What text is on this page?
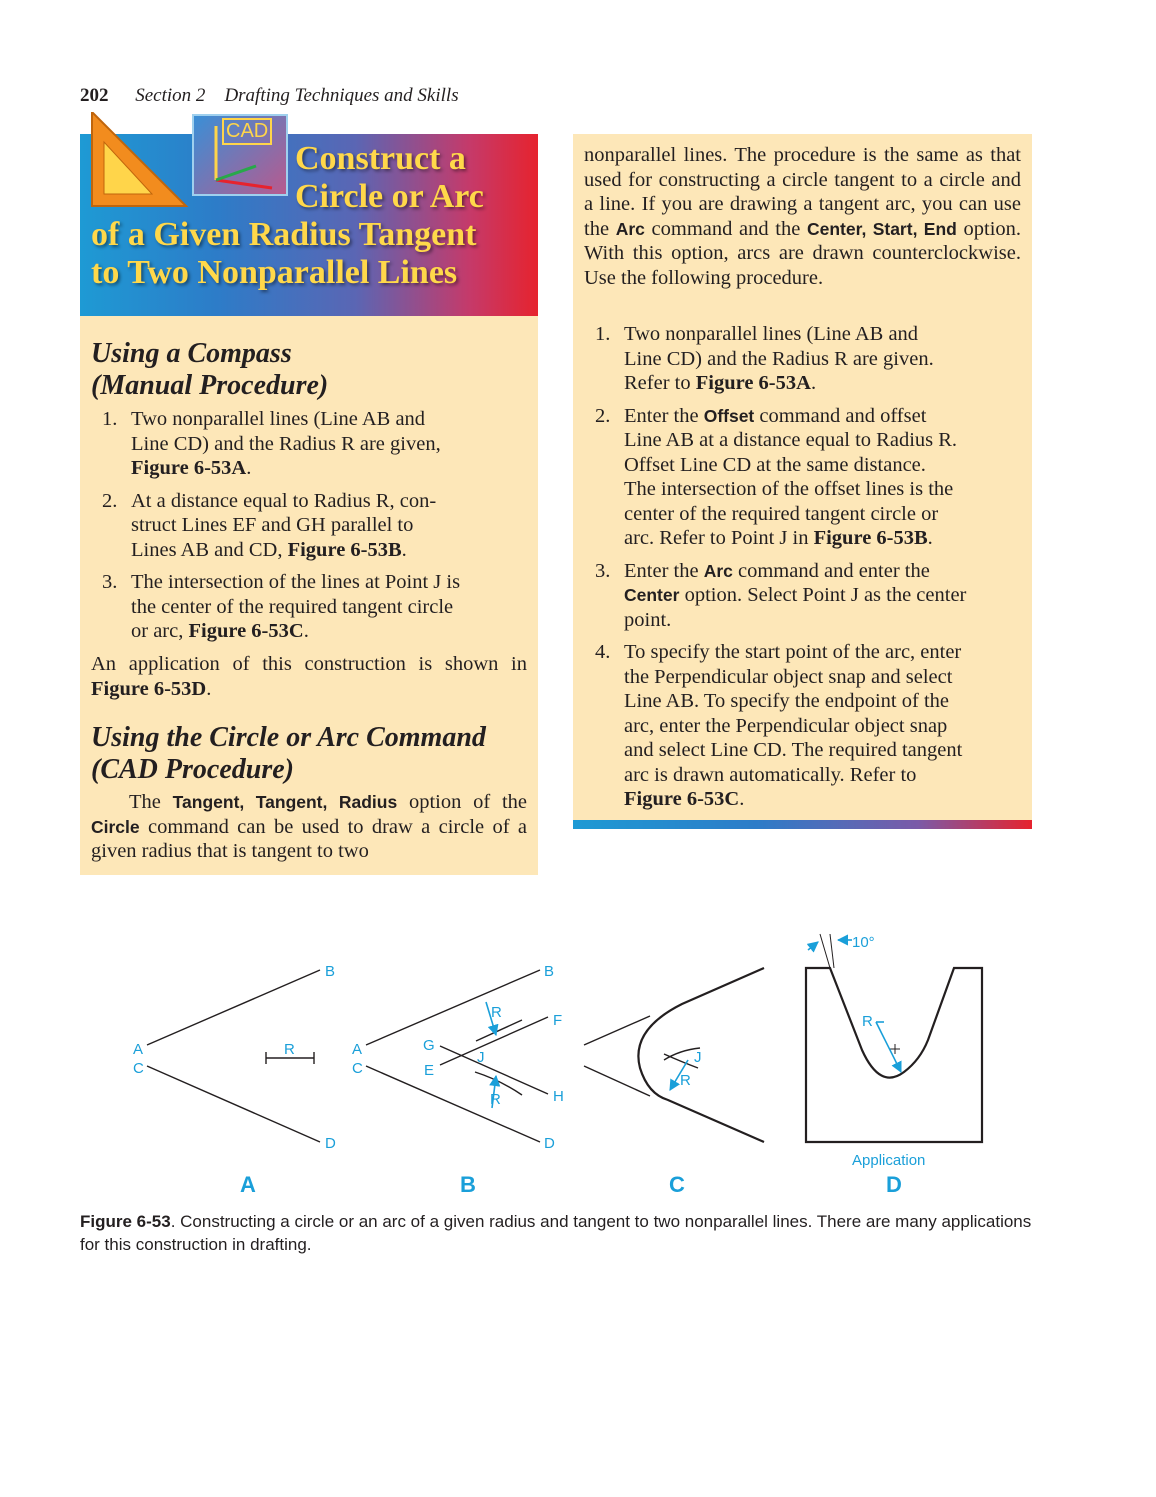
202 Section 2 Drafting Techniques and Skills
CAD
Construct a
Circle or Arc
of a Given Radius Tangent
to Two Nonparallel Lines
Using a Compass
(Manual Procedure)
1. Two nonparallel lines (Line AB and
Line CD) and the Radius R are given,
Figure 6-53A.
2. At a distance equal to Radius R, con-
struct Lines EF and GH parallel to
Lines AB and CD, Figure 6-53B.
3. The intersection of the lines at Point J is
the center of the required tangent circle
or arc, Figure 6-53C.
An application of this construction is shown in Figure 6-53D.
Using the Circle or Arc Command
(CAD Procedure)
The Tangent, Tangent, Radius option of the Circle command can be used to draw a circle of a given radius that is tangent to two
nonparallel lines. The procedure is the same as that used for constructing a circle tangent to a circle and a line. If you are drawing a tangent arc, you can use the Arc command and the Center, Start, End option. With this option, arcs are drawn counterclockwise. Use the following procedure.
1. Two nonparallel lines (Line AB and
Line CD) and the Radius R are given.
Refer to Figure 6-53A.
2. Enter the Offset command and offset
Line AB at a distance equal to Radius R.
Offset Line CD at the same distance.
The intersection of the offset lines is the
center of the required tangent circle or
arc. Refer to Point J in Figure 6-53B.
3. Enter the Arc command and enter the
Center option. Select Point J as the center
point.
4. To specify the start point of the arc, enter
the Perpendicular object snap and select
Line AB. To specify the endpoint of the
arc, enter the Perpendicular object snap
and select Line CD. The required tangent
arc is drawn automatically. Refer to
Figure 6-53C.
B
D
A
C
R
B
D
A
C
G
E
F
H
J
R
R
J
R
10°
R
Application
A	B	C	D
Figure 6-53. Constructing a circle or an arc of a given radius and tangent to two nonparallel lines. There are many applications for this construction in drafting.
